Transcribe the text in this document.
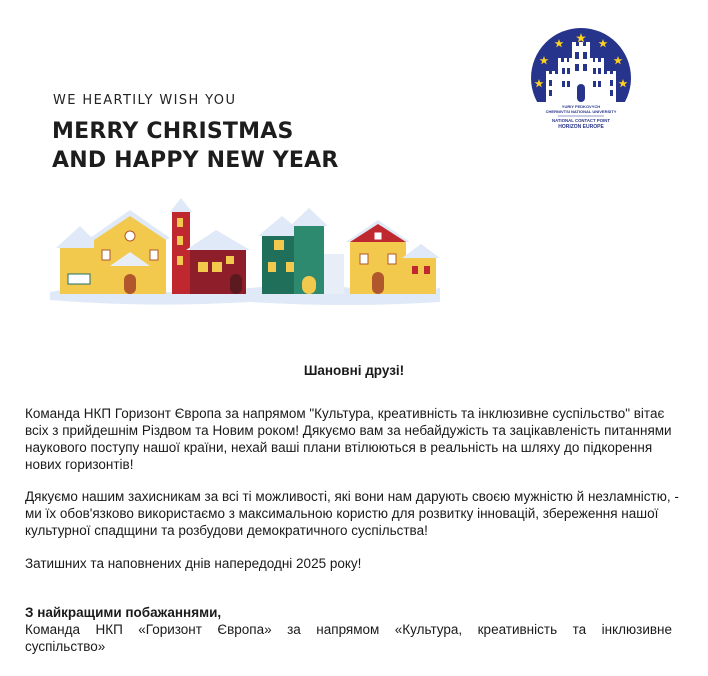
WE HEARTILY WISH YOU
MERRY CHRISTMAS
AND HAPPY NEW YEAR
YURIY FEDKOVYCH
CHERNIVTSI NATIONAL UNIVERSITY
NATIONAL CONTACT POINT
HORIZON EUROPE
Шановні друзі!

Команда НКП Горизонт Європа за напрямом "Культура, креативність та інклюзивне суспільство" вітає всіх з прийдешнім Різдвом та Новим роком! Дякуємо вам за небайдужість та зацікавленість питаннями наукового поступу нашої країни, нехай ваші плани втілюються в реальність на шляху до підкорення нових горизонтів!

Дякуємо нашим захисникам за всі ті можливості, які вони нам дарують своєю мужністю й незламністю, - ми їх обов'язково використаємо з максимальною користю для розвитку інновацій, збереження нашої культурної спадщини та розбудови демократичного суспільства!

Затишних та наповнених днів напередодні 2025 року!

З найкращими побажаннями,
Команда НКП «Горизонт Європа» за напрямом «Культура, креативність та інклюзивне суспільство»
